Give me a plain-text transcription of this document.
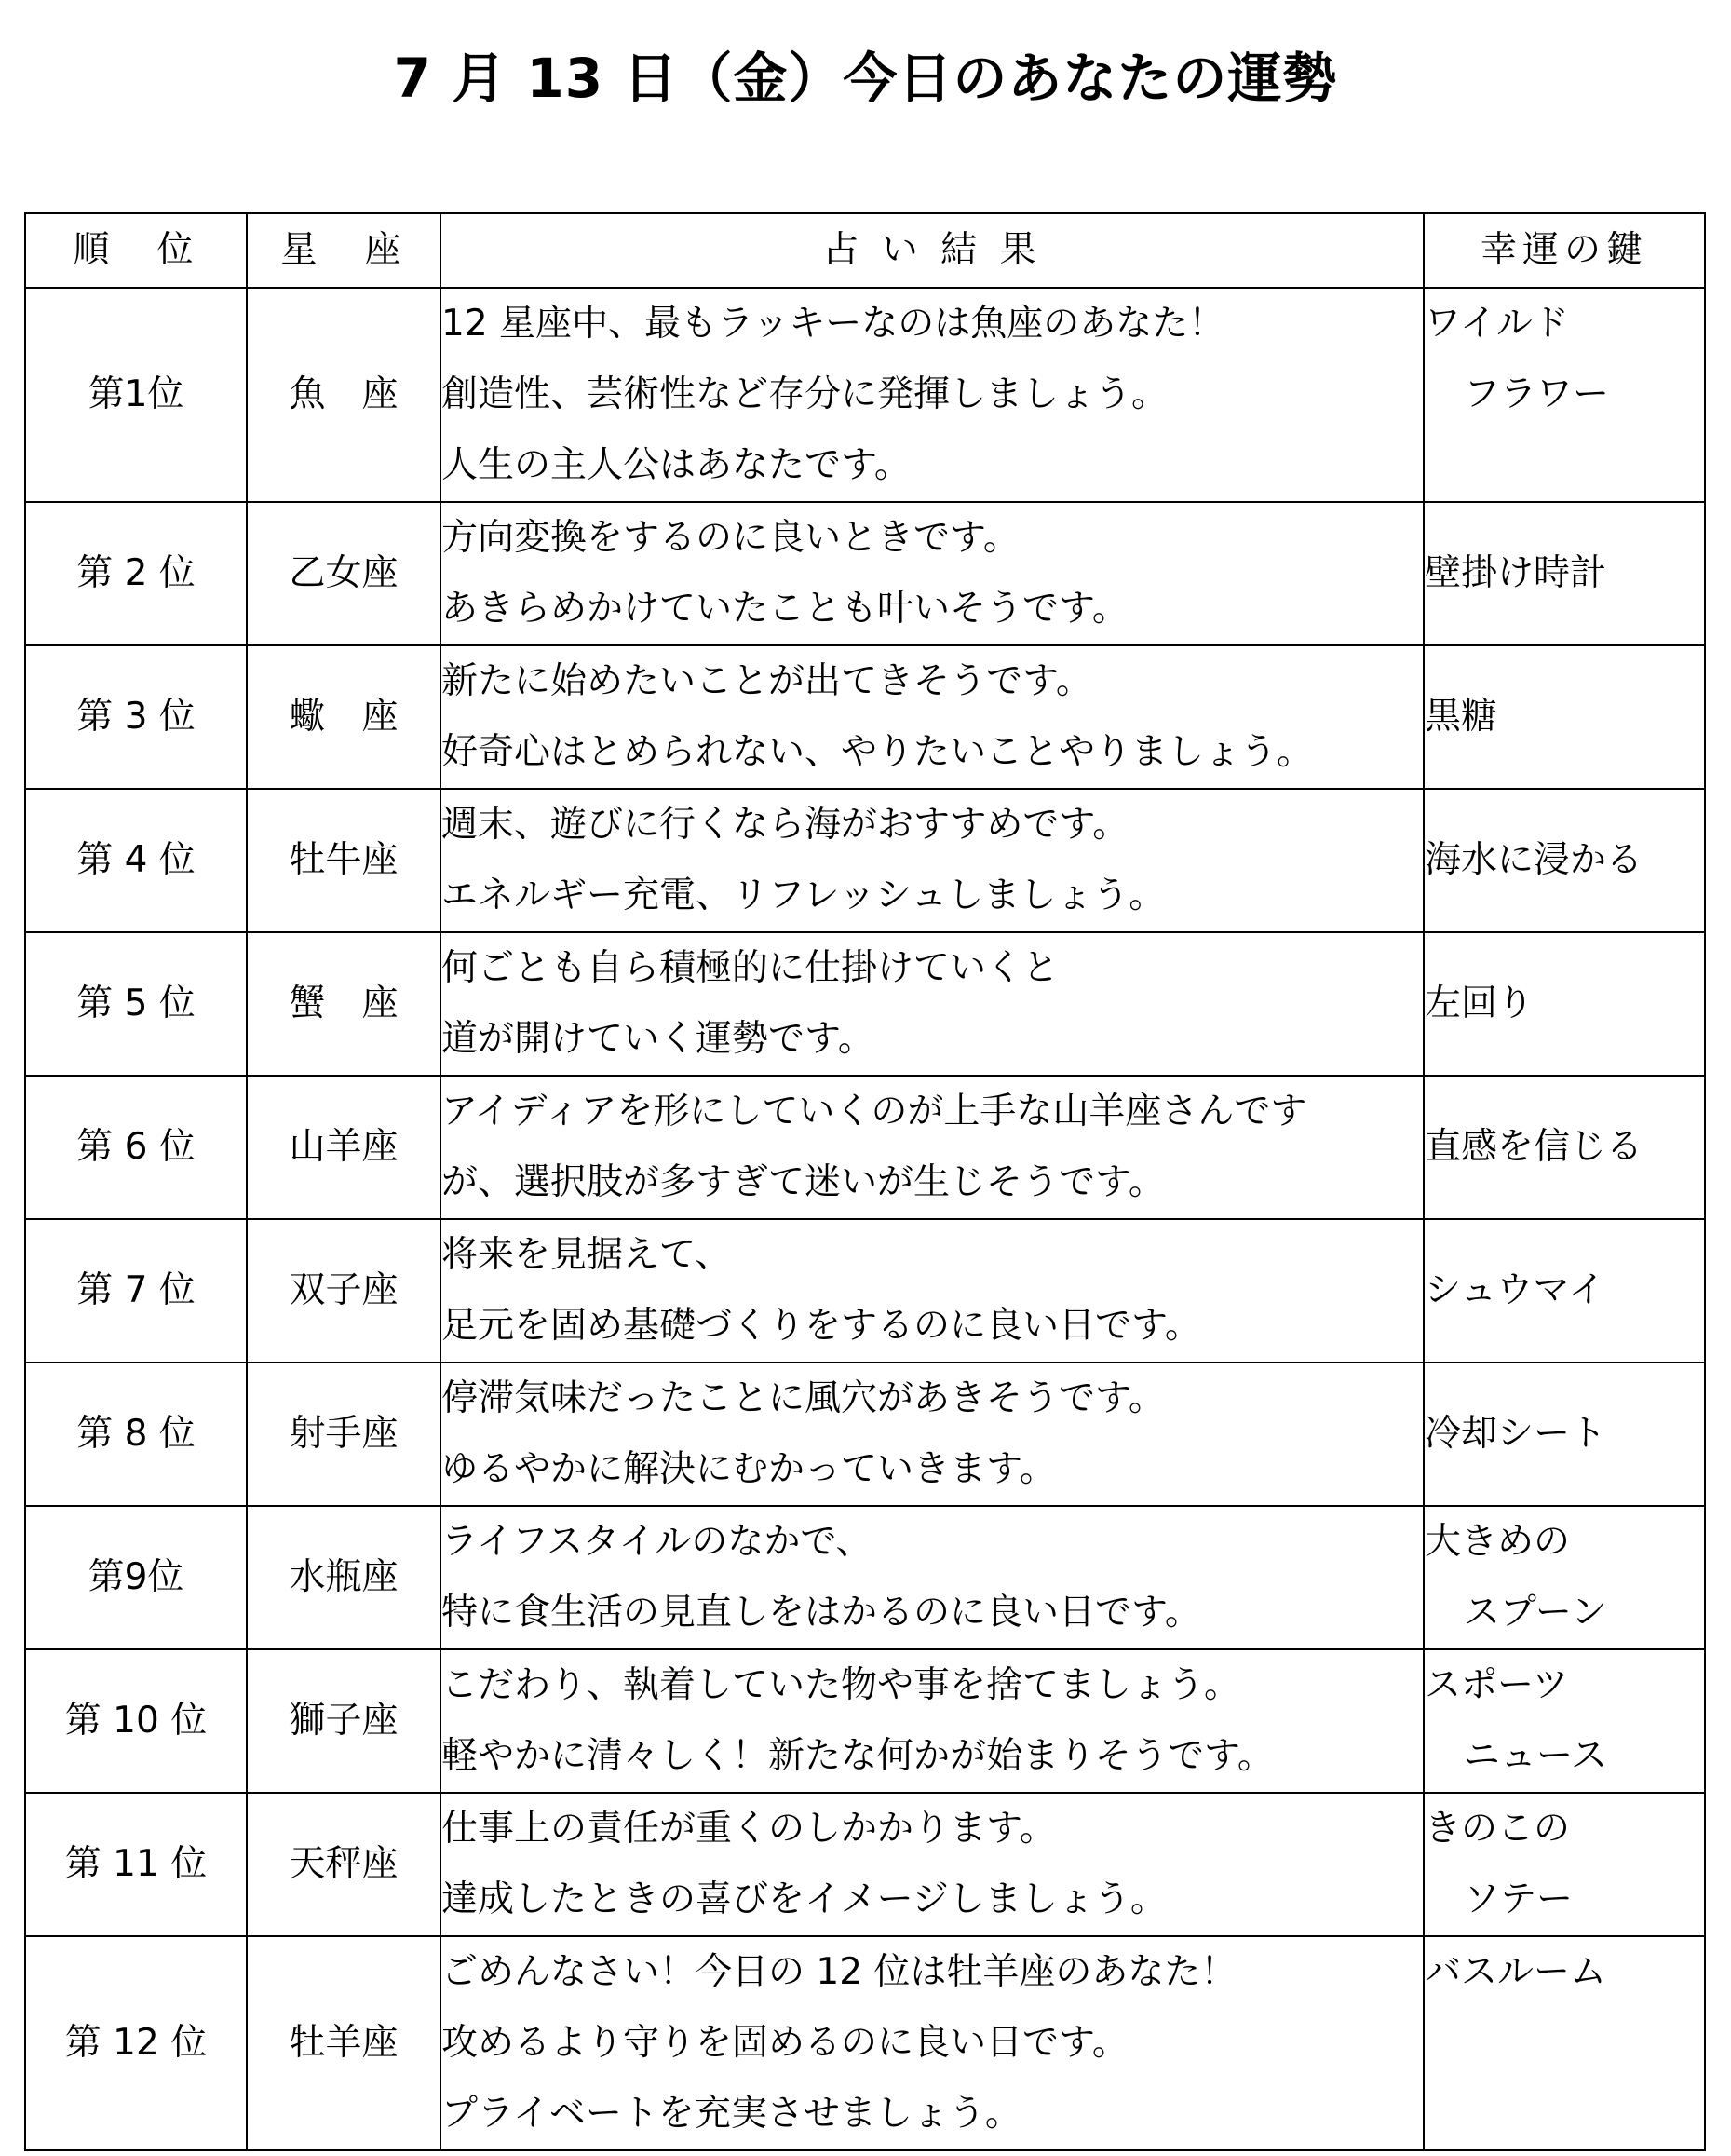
7 月 13 日（金）今日のあなたの運勢
順　位	星　座	占 い 結 果	幸運の鍵
第1位	魚　座	12 星座中、最もラッキーなのは魚座のあなた！
創造性、芸術性など存分に発揮しましょう。
人生の主人公はあなたです。	ワイルド
フラワー

第 2 位	乙女座	方向変換をするのに良いときです。
あきらめかけていたことも叶いそうです。	壁掛け時計

第 3 位	蠍　座	新たに始めたいことが出てきそうです。
好奇心はとめられない、やりたいことやりましょう。	黒糖

第 4 位	牡牛座	週末、遊びに行くなら海がおすすめです。
エネルギー充電、リフレッシュしましょう。	海水に浸かる

第 5 位	蟹　座	何ごとも自ら積極的に仕掛けていくと
道が開けていく運勢です。	左回り

第 6 位	山羊座	アイディアを形にしていくのが上手な山羊座さんです
が、選択肢が多すぎて迷いが生じそうです。	直感を信じる

第 7 位	双子座	将来を見据えて、
足元を固め基礎づくりをするのに良い日です。	シュウマイ

第 8 位	射手座	停滞気味だったことに風穴があきそうです。
ゆるやかに解決にむかっていきます。	冷却シート

第9位	水瓶座	ライフスタイルのなかで、
特に食生活の見直しをはかるのに良い日です。	大きめの
スプーン

第 10 位	獅子座	こだわり、執着していた物や事を捨てましょう。
軽やかに清々しく！新たな何かが始まりそうです。	スポーツ
ニュース

第 11 位	天秤座	仕事上の責任が重くのしかかります。
達成したときの喜びをイメージしましょう。	きのこの
ソテー

第 12 位	牡羊座	ごめんなさい！今日の 12 位は牡羊座のあなた！
攻めるより守りを固めるのに良い日です。
プライベートを充実させましょう。	バスルーム
